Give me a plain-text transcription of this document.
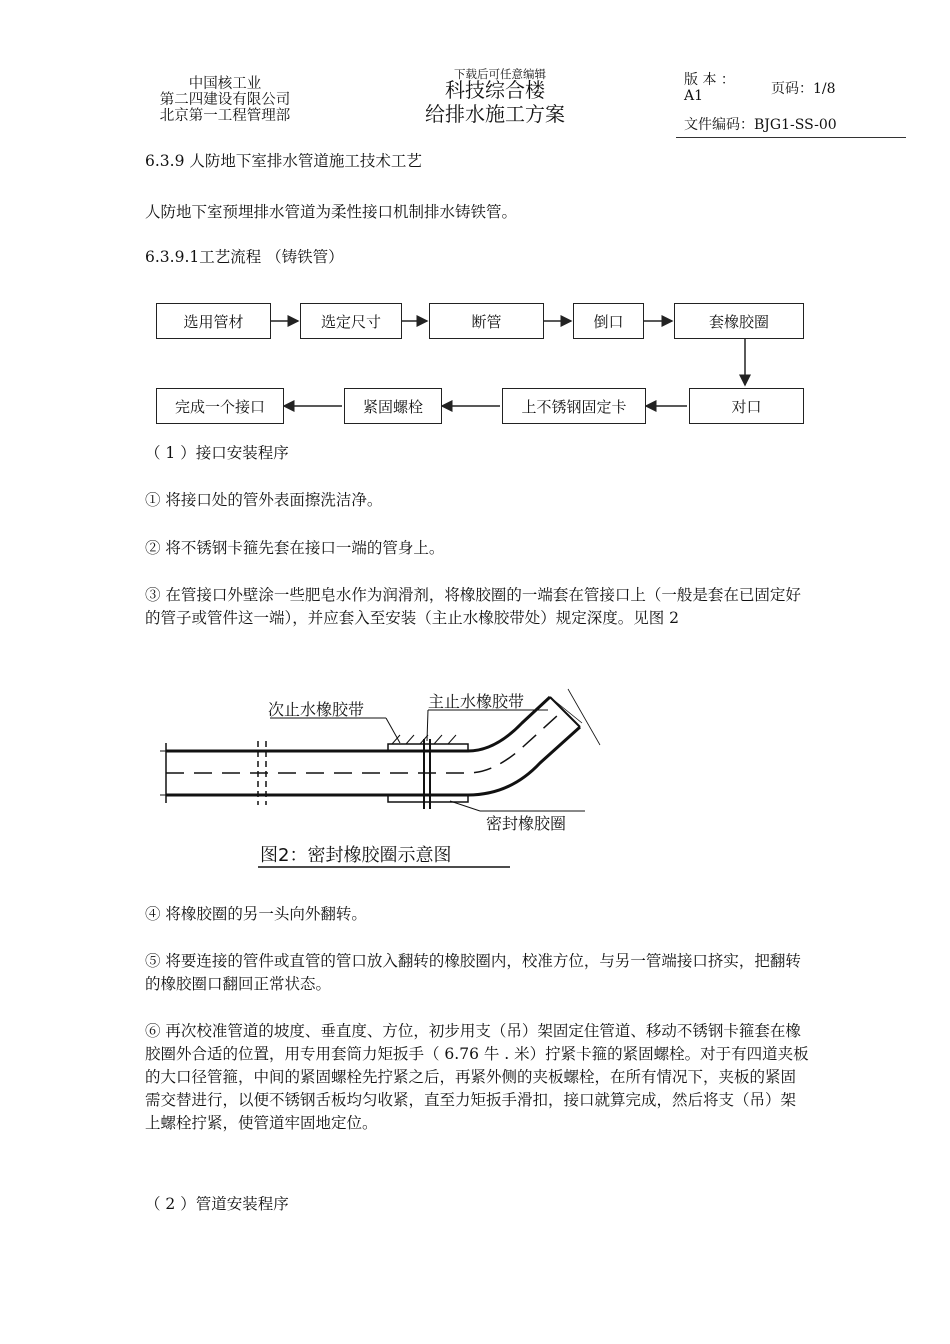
中国核工业
第二四建设有限公司
北京第一工程管理部
下载后可任意编辑
科技综合楼
给排水施工方案
版 本 ：
A1	页码：1/8
文件编码：BJG1-SS-00
6.3.9 人防地下室排水管道施工技术工艺
人防地下室预埋排水管道为柔性接口机制排水铸铁管。
6.3.9.1工艺流程 （铸铁管）
选用管材	选定尺寸	断管	倒口	套橡胶圈
对口
上不锈钢固定卡
紧固螺栓
完成一个接口
（ 1 ）接口安装程序
① 将接口处的管外表面擦洗洁净。
② 将不锈钢卡箍先套在接口一端的管身上。
③ 在管接口外壁涂一些肥皂水作为润滑剂，将橡胶圈的一端套在管接口上（一般是套在已固定好的管子或管件这一端），并应套入至安装（主止水橡胶带处）规定深度。见图 2
次止水橡胶带	主止水橡胶带
密封橡胶圈
图2：密封橡胶圈示意图
④ 将橡胶圈的另一头向外翻转。
⑤ 将要连接的管件或直管的管口放入翻转的橡胶圈内，校准方位，与另一管端接口挤实，把翻转的橡胶圈口翻回正常状态。
⑥ 再次校准管道的坡度、垂直度、方位，初步用支（吊）架固定住管道、移动不锈钢卡箍套在橡胶圈外合适的位置，用专用套筒力矩扳手（ 6.76 牛 . 米）拧紧卡箍的紧固螺栓。对于有四道夹板的大口径管箍，中间的紧固螺栓先拧紧之后，再紧外侧的夹板螺栓，在所有情况下，夹板的紧固需交替进行，以便不锈钢舌板均匀收紧，直至力矩扳手滑扣，接口就算完成，然后将支（吊）架上螺栓拧紧，使管道牢固地定位。
（ 2 ）管道安装程序
